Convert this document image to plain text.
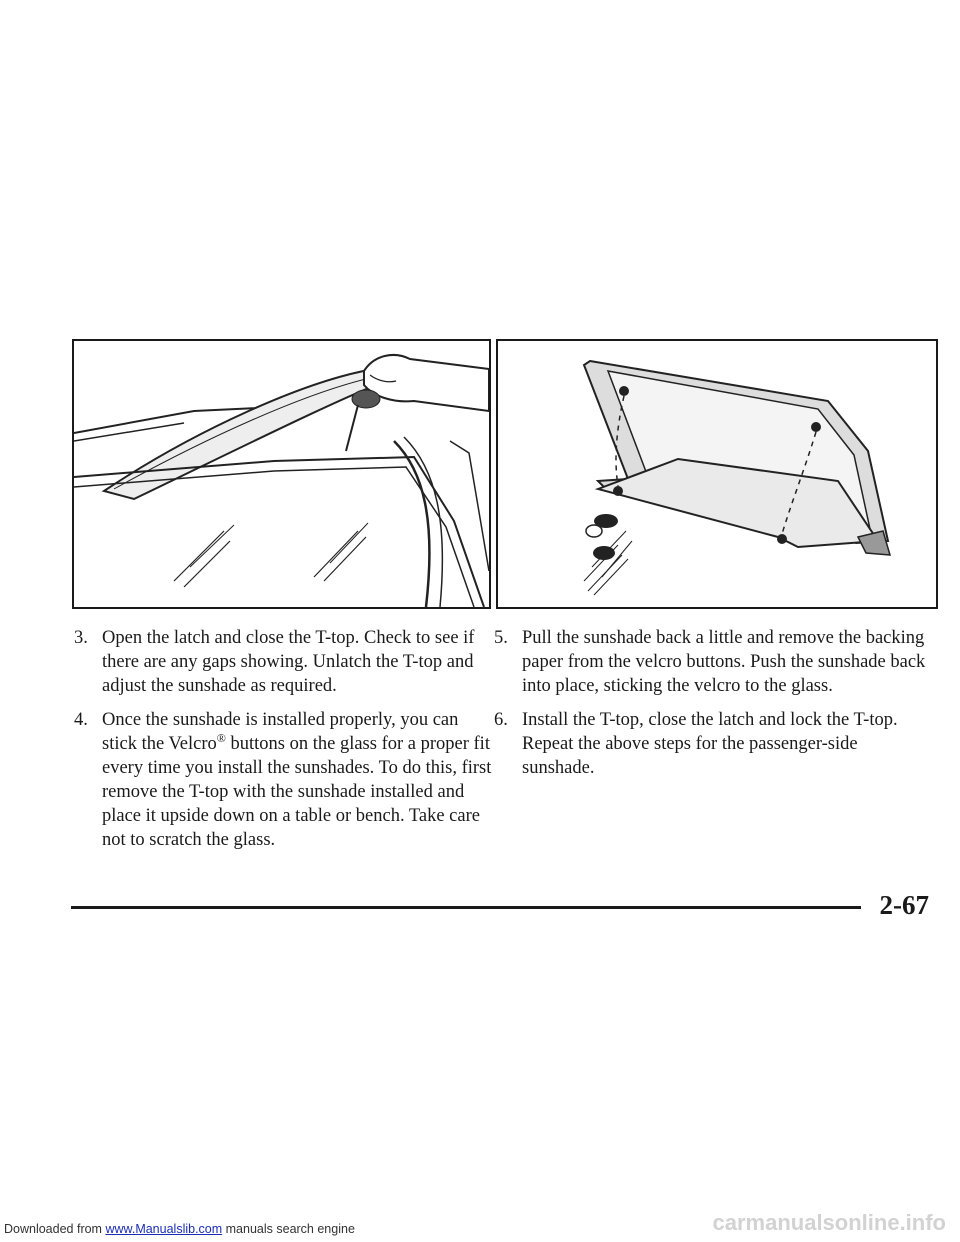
3. Open the latch and close the T-top. Check to see if there are any gaps showing. Unlatch the T-top and adjust the sunshade as required.
4. Once the sunshade is installed properly, you can stick the Velcro® buttons on the glass for a proper fit every time you install the sunshades. To do this, first remove the T-top with the sunshade installed and place it upside down on a table or bench. Take care not to scratch the glass.
5. Pull the sunshade back a little and remove the backing paper from the velcro buttons. Push the sunshade back into place, sticking the velcro to the glass.
6. Install the T-top, close the latch and lock the T-top. Repeat the above steps for the passenger-side sunshade.
2-67
Downloaded from www.Manualslib.com manuals search engine	carmanualsonline.info
